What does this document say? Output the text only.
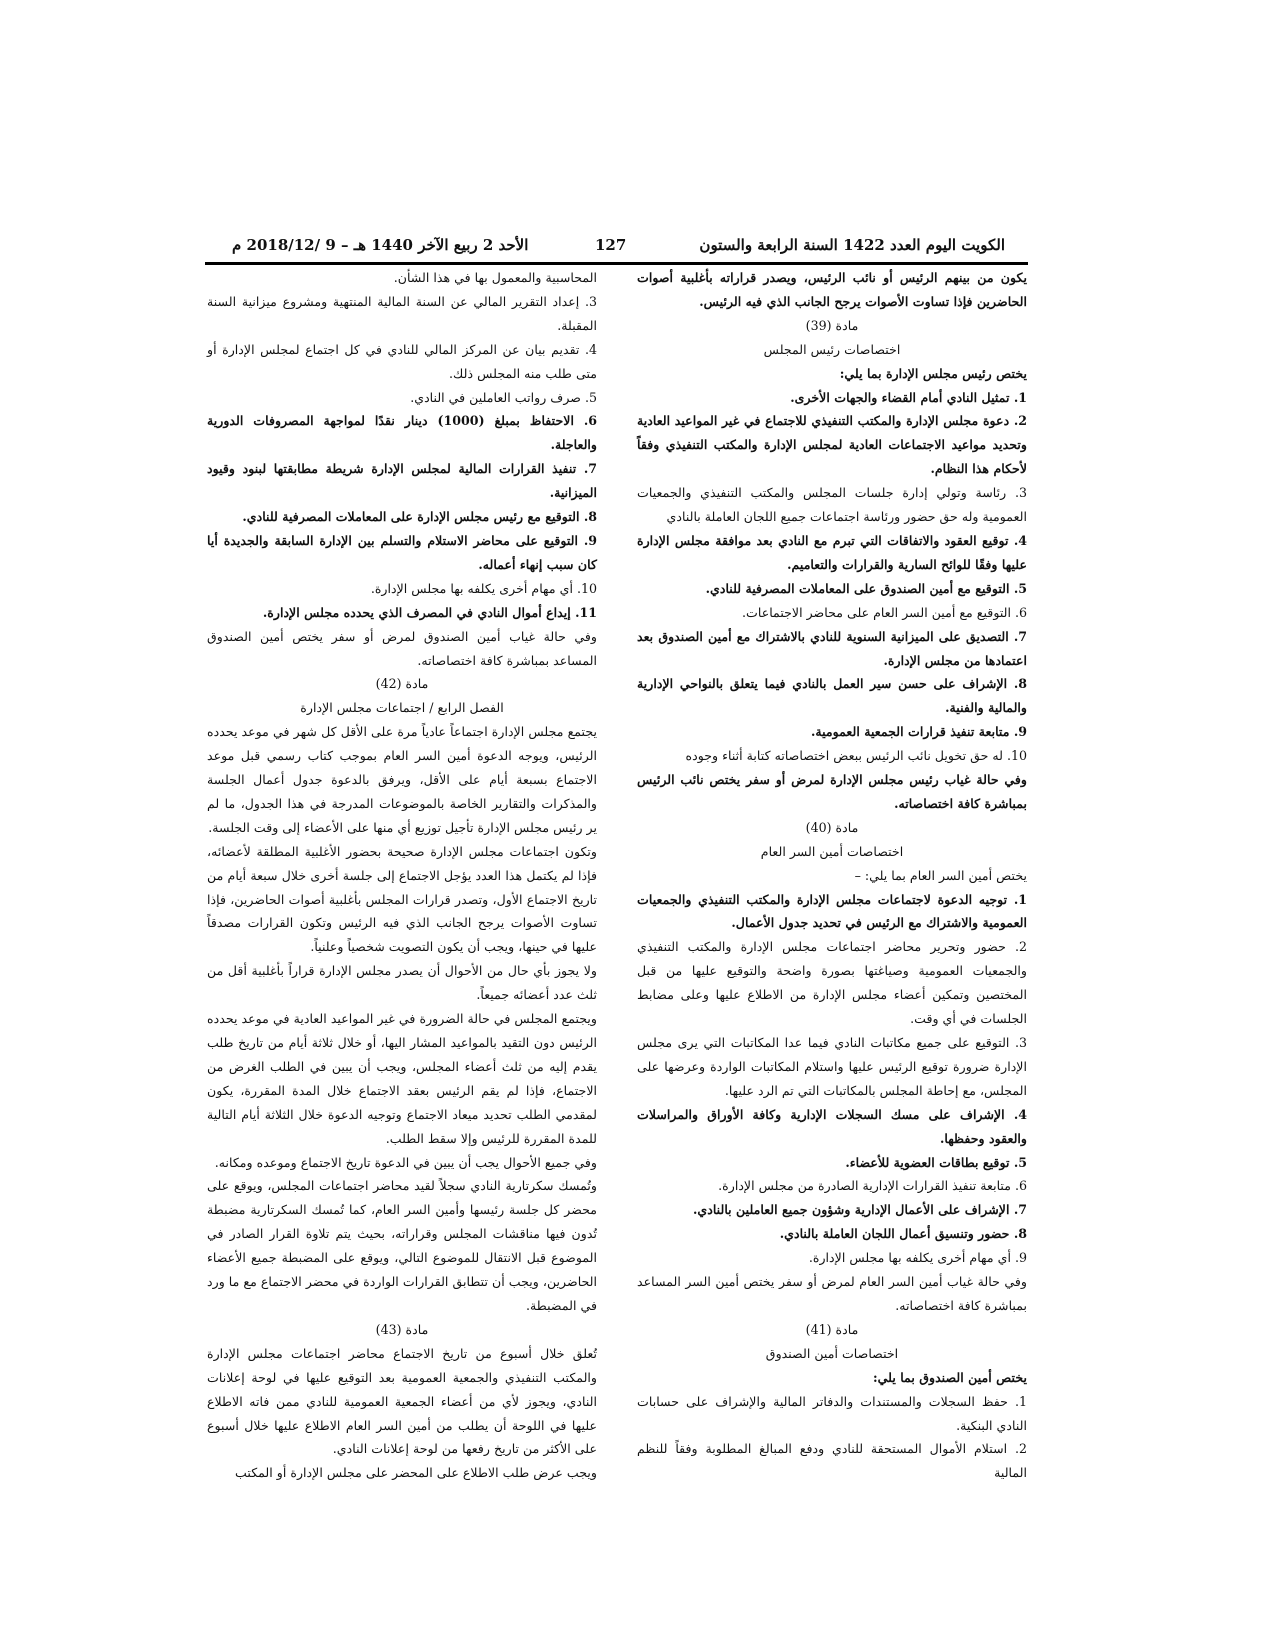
الكويت اليوم العدد 1422 السنة الرابعة والستون
127
الأحد 2 ربيع الآخر 1440 هـ – 9 /2018/12 م

يكون من بينهم الرئيس أو نائب الرئيس، ويصدر قراراته بأغلبية أصوات الحاضرين فإذا تساوت الأصوات يرجح الجانب الذي فيه الرئيس.

مادة (39)

اختصاصات رئيس المجلس

يختص رئيس مجلس الإدارة بما يلي:

1. تمثيل النادي أمام القضاء والجهات الأخرى.

2. دعوة مجلس الإدارة والمكتب التنفيذي للاجتماع في غير المواعيد العادية وتحديد مواعيد الاجتماعات العادية لمجلس الإدارة والمكتب التنفيذي وفقاً لأحكام هذا النظام.

3. رئاسة وتولي إدارة جلسات المجلس والمكتب التنفيذي والجمعيات العمومية وله حق حضور ورئاسة اجتماعات جميع اللجان العاملة بالنادي

4. توقيع العقود والاتفاقات التي تبرم مع النادي بعد موافقة مجلس الإدارة عليها وفقًا للوائح السارية والقرارات والتعاميم.

5. التوقيع مع أمين الصندوق على المعاملات المصرفية للنادي.

6. التوقيع مع أمين السر العام على محاضر الاجتماعات.

7. التصديق على الميزانية السنوية للنادي بالاشتراك مع أمين الصندوق بعد اعتمادها من مجلس الإدارة.

8. الإشراف على حسن سير العمل بالنادي فيما يتعلق بالنواحي الإدارية والمالية والفنية.

9. متابعة تنفيذ قرارات الجمعية العمومية.

10. له حق تخويل نائب الرئيس ببعض اختصاصاته كتابة أثناء وجوده

وفي حالة غياب رئيس مجلس الإدارة لمرض أو سفر يختص نائب الرئيس بمباشرة كافة اختصاصاته.

مادة (40)

اختصاصات أمين السر العام

يختص أمين السر العام بما يلي: –

1. توجيه الدعوة لاجتماعات مجلس الإدارة والمكتب التنفيذي والجمعيات العمومية والاشتراك مع الرئيس في تحديد جدول الأعمال.

2. حضور وتحرير محاضر اجتماعات مجلس الإدارة والمكتب التنفيذي والجمعيات العمومية وصياغتها بصورة واضحة والتوقيع عليها من قبل المختصين وتمكين أعضاء مجلس الإدارة من الاطلاع عليها وعلى مضابط الجلسات في أي وقت.

3. التوقيع على جميع مكاتبات النادي فيما عدا المكاتبات التي يرى مجلس الإدارة ضرورة توقيع الرئيس عليها واستلام المكاتبات الواردة وعرضها على المجلس، مع إحاطة المجلس بالمكاتبات التي تم الرد عليها.

4. الإشراف على مسك السجلات الإدارية وكافة الأوراق والمراسلات والعقود وحفظها.

5. توقيع بطاقات العضوية للأعضاء.

6. متابعة تنفيذ القرارات الإدارية الصادرة من مجلس الإدارة.

7. الإشراف على الأعمال الإدارية وشؤون جميع العاملين بالنادي.

8. حضور وتنسيق أعمال اللجان العاملة بالنادي.

9. أي مهام أخرى يكلفه بها مجلس الإدارة.

وفي حالة غياب أمين السر العام لمرض أو سفر يختص أمين السر المساعد بمباشرة كافة اختصاصاته.

مادة (41)

اختصاصات أمين الصندوق

يختص أمين الصندوق بما يلي:

1. حفظ السجلات والمستندات والدفاتر المالية والإشراف على حسابات النادي البنكية.

2. استلام الأموال المستحقة للنادي ودفع المبالغ المطلوبة وفقاً للنظم المالية

المحاسبية والمعمول بها في هذا الشأن.

3. إعداد التقرير المالي عن السنة المالية المنتهية ومشروع ميزانية السنة المقبلة.

4. تقديم بيان عن المركز المالي للنادي في كل اجتماع لمجلس الإدارة أو متى طلب منه المجلس ذلك.

5. صرف رواتب العاملين في النادي.

6. الاحتفاظ بمبلغ (1000) دينار نقدًا لمواجهة المصروفات الدورية والعاجلة.

7. تنفيذ القرارات المالية لمجلس الإدارة شريطة مطابقتها لبنود وقيود الميزانية.

8. التوقيع مع رئيس مجلس الإدارة على المعاملات المصرفية للنادي.

9. التوقيع على محاضر الاستلام والتسلم بين الإدارة السابقة والجديدة أيا كان سبب إنهاء أعماله.

10. أي مهام أخرى يكلفه بها مجلس الإدارة.

11. إيداع أموال النادي في المصرف الذي يحدده مجلس الإدارة.

وفي حالة غياب أمين الصندوق لمرض أو سفر يختص أمين الصندوق المساعد بمباشرة كافة اختصاصاته.

مادة (42)

الفصل الرابع / اجتماعات مجلس الإدارة

يجتمع مجلس الإدارة اجتماعاً عادياً مرة على الأقل كل شهر في موعد يحدده الرئيس، ويوجه الدعوة أمين السر العام بموجب كتاب رسمي قبل موعد الاجتماع بسبعة أيام على الأقل، ويرفق بالدعوة جدول أعمال الجلسة والمذكرات والتقارير الخاصة بالموضوعات المدرجة في هذا الجدول، ما لم ير رئيس مجلس الإدارة تأجيل توزيع أي منها على الأعضاء إلى وقت الجلسة.

وتكون اجتماعات مجلس الإدارة صحيحة بحضور الأغلبية المطلقة لأعضائه، فإذا لم يكتمل هذا العدد يؤجل الاجتماع إلى جلسة أخرى خلال سبعة أيام من تاريخ الاجتماع الأول، وتصدر قرارات المجلس بأغلبية أصوات الحاضرين، فإذا تساوت الأصوات يرجح الجانب الذي فيه الرئيس وتكون القرارات مصدقاً عليها في حينها، ويجب أن يكون التصويت شخصياً وعلنياً.

ولا يجوز بأي حال من الأحوال أن يصدر مجلس الإدارة قراراً بأغلبية أقل من ثلث عدد أعضائه جميعاً.

ويجتمع المجلس في حالة الضرورة في غير المواعيد العادية في موعد يحدده الرئيس دون التقيد بالمواعيد المشار اليها، أو خلال ثلاثة أيام من تاريخ طلب يقدم إليه من ثلث أعضاء المجلس، ويجب أن يبين في الطلب الغرض من الاجتماع، فإذا لم يقم الرئيس بعقد الاجتماع خلال المدة المقررة، يكون لمقدمي الطلب تحديد ميعاد الاجتماع وتوجيه الدعوة خلال الثلاثة أيام التالية للمدة المقررة للرئيس وإلا سقط الطلب.

وفي جميع الأحوال يجب أن يبين في الدعوة تاريخ الاجتماع وموعده ومكانه.

وتُمسك سكرتارية النادي سجلاً لقيد محاضر اجتماعات المجلس، ويوقع على محضر كل جلسة رئيسها وأمين السر العام، كما تُمسك السكرتارية مضبطة تُدون فيها مناقشات المجلس وقراراته، بحيث يتم تلاوة القرار الصادر في الموضوع قبل الانتقال للموضوع التالي، ويوقع على المضبطة جميع الأعضاء الحاضرين، ويجب أن تتطابق القرارات الواردة في محضر الاجتماع مع ما ورد في المضبطة.

مادة (43)

تُعلق خلال أسبوع من تاريخ الاجتماع محاضر اجتماعات مجلس الإدارة والمكتب التنفيذي والجمعية العمومية بعد التوقيع عليها في لوحة إعلانات النادي، ويجوز لأي من أعضاء الجمعية العمومية للنادي ممن فاته الاطلاع عليها في اللوحة أن يطلب من أمين السر العام الاطلاع عليها خلال أسبوع على الأكثر من تاريخ رفعها من لوحة إعلانات النادي.

ويجب عرض طلب الاطلاع على المحضر على مجلس الإدارة أو المكتب
